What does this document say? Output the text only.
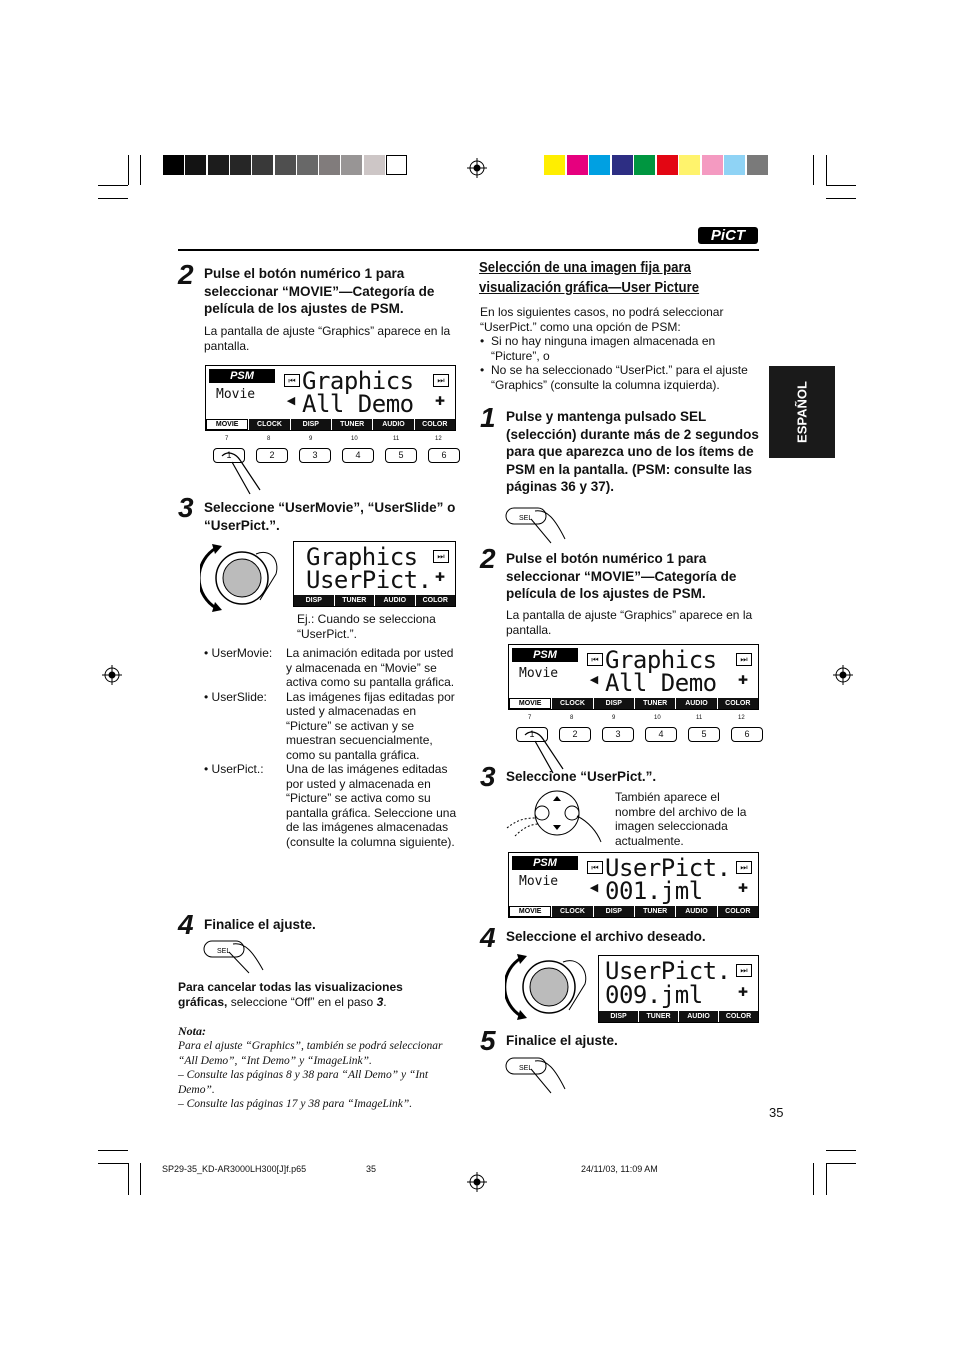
PiCT
ESPAÑOL
2 Pulse el botón numérico 1 para seleccionar “MOVIE”—Categoría de película de los ajustes de PSM.
La pantalla de ajuste “Graphics” aparece en la pantalla.
PSM
Movie
⏮ Graphics	⏭
◀ All Demo ✚
MOVIE	CLOCK	DISP	TUNER	AUDIO	COLOR
7	8	9	10	11	12
1	2	3	4	5	6
3 Seleccione “UserMovie”, “UserSlide” o “UserPict.”.
Graphics	⏭
UserPict. ✚
DISP	TUNER	AUDIO	COLOR
Ej.: Cuando se selecciona “UserPict.”.
• UserMovie:	La animación editada por usted y almacenada en “Movie” se activa como su pantalla gráfica.
• UserSlide:	Las imágenes fijas editadas por usted y almacenadas en “Picture” se activan y se muestran secuencialmente, como su pantalla gráfica.
• UserPict.:	Una de las imágenes editadas por usted y almacenada en “Picture” se activa como su pantalla gráfica. Seleccione una de las imágenes almacenadas (consulte la columna siguiente).
4 Finalice el ajuste.
SEL
Para cancelar todas las visualizaciones gráficas, seleccione “Off” en el paso 3.
Nota:
Para el ajuste “Graphics”, también se podrá seleccionar “All Demo”, “Int Demo” y “ImageLink”.
– Consulte las páginas 8 y 38 para “All Demo” y “Int Demo”.
– Consulte las páginas 17 y 38 para “ImageLink”.
Selección de una imagen fija para visualización gráfica—User Picture
En los siguientes casos, no podrá seleccionar “UserPict.” como una opción de PSM:
• Si no hay ninguna imagen almacenada en “Picture”, o
• No se ha seleccionado “UserPict.” para el ajuste “Graphics” (consulte la columna izquierda).
1 Pulse y mantenga pulsado SEL (selección) durante más de 2 segundos para que aparezca uno de los ítems de PSM en la pantalla. (PSM: consulte las páginas 36 y 37).
SEL
2 Pulse el botón numérico 1 para seleccionar “MOVIE”—Categoría de película de los ajustes de PSM.
La pantalla de ajuste “Graphics” aparece en la pantalla.
PSM
Movie
⏮ Graphics	⏭
◀ All Demo ✚
MOVIE	CLOCK	DISP	TUNER	AUDIO	COLOR
7	8	9	10	11	12
1	2	3	4	5	6
3 Seleccione “UserPict.”.
También aparece el nombre del archivo de la imagen seleccionada actualmente.
PSM
Movie
⏮ UserPict.	⏭
◀ 001.jml	✚
MOVIE	CLOCK	DISP	TUNER	AUDIO	COLOR
4 Seleccione el archivo deseado.
UserPict.	⏭
009.jml	✚
DISP	TUNER	AUDIO	COLOR
5 Finalice el ajuste.
SEL
35
SP29-35_KD-AR3000LH300[J]f.p65	35	24/11/03, 11:09 AM
